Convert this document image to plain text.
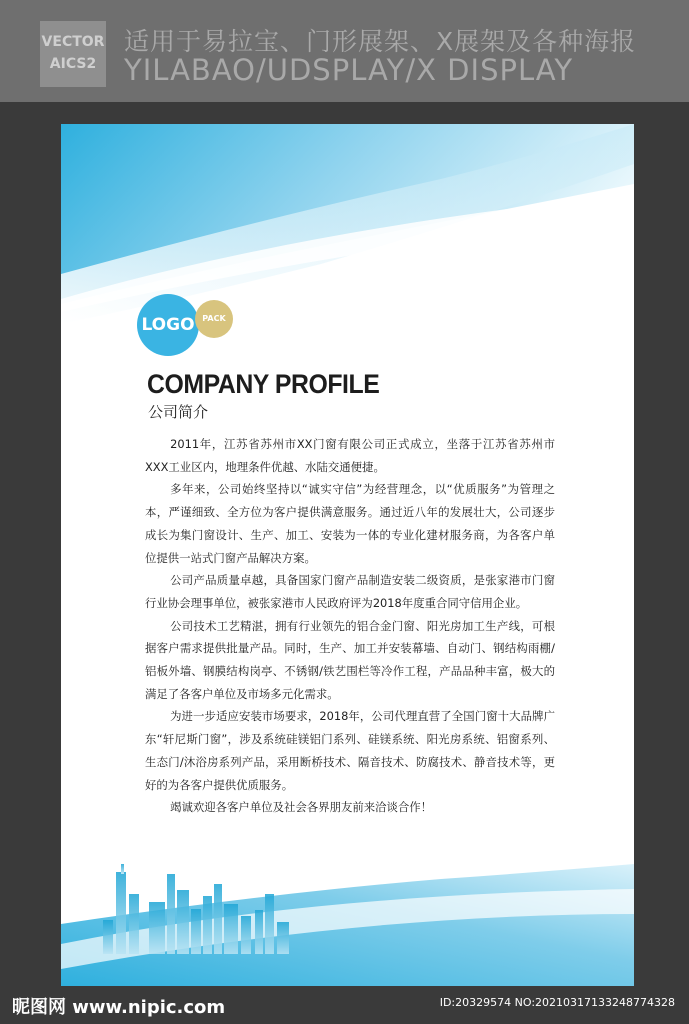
VECTOR
AICS2
适用于易拉宝、门形展架、X展架及各种海报
YILABAO/UDSPLAY/X DISPLAY
LOGO PACK
COMPANY PROFILE
公司简介

2011年，江苏省苏州市XX门窗有限公司正式成立，坐落于江苏省苏州市XXX工业区内，地理条件优越、水陆交通便捷。

多年来，公司始终坚持以“诚实守信”为经营理念，以“优质服务”为管理之本，严谨细致、全方位为客户提供满意服务。通过近八年的发展壮大，公司逐步成长为集门窗设计、生产、加工、安装为一体的专业化建材服务商，为各客户单位提供一站式门窗产品解决方案。

公司产品质量卓越，具备国家门窗产品制造安装二级资质，是张家港市门窗行业协会理事单位，被张家港市人民政府评为2018年度重合同守信用企业。

公司技术工艺精湛，拥有行业领先的铝合金门窗、阳光房加工生产线，可根据客户需求提供批量产品。同时，生产、加工并安装幕墙、自动门、钢结构雨棚/铝板外墙、钢膜结构岗亭、不锈钢/铁艺围栏等冷作工程，产品品种丰富，极大的满足了各客户单位及市场多元化需求。

为进一步适应安装市场要求，2018年，公司代理直营了全国门窗十大品牌广东“轩尼斯门窗”，涉及系统硅镁铝门系列、硅镁系统、阳光房系统、铝窗系列、生态门/沐浴房系列产品，采用断桥技术、隔音技术、防腐技术、静音技术等，更好的为各客户提供优质服务。

竭诚欢迎各客户单位及社会各界朋友前来洽谈合作！

昵图网 www.nipic.com	ID:20329574 NO:20210317133248774328
